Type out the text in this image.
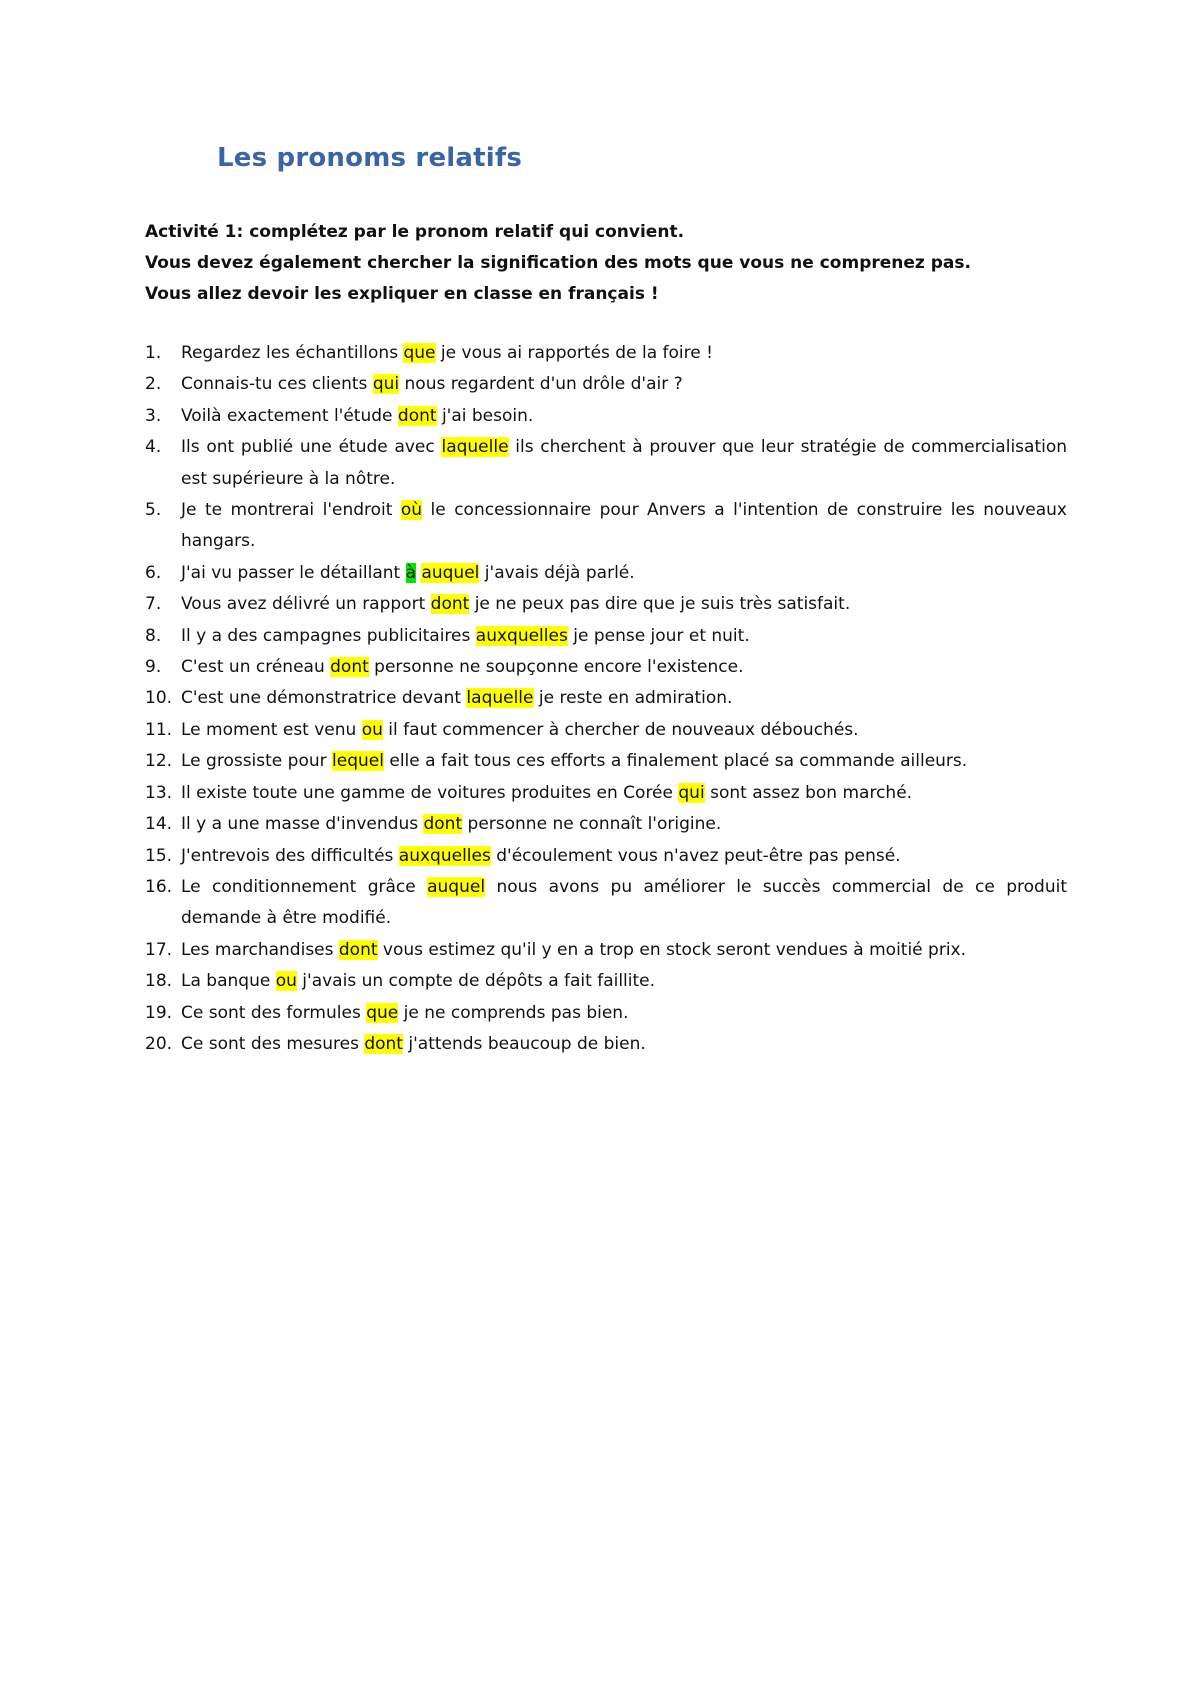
Les pronoms relatifs
Activité 1: complétez par le pronom relatif qui convient.
Vous devez également chercher la signification des mots que vous ne comprenez pas.
Vous allez devoir les expliquer en classe en français !
1.	Regardez les échantillons que je vous ai rapportés de la foire !
2.	Connais-tu ces clients qui nous regardent d'un drôle d'air ?
3.	Voilà exactement l'étude dont j'ai besoin.
4.	Ils ont publié une étude avec laquelle ils cherchent à prouver que leur stratégie de commercialisation est supérieure à la nôtre.
5.	Je te montrerai l'endroit où le concessionnaire pour Anvers a l'intention de construire les nouveaux hangars.
6.	J'ai vu passer le détaillant à auquel j'avais déjà parlé.
7.	Vous avez délivré un rapport dont je ne peux pas dire que je suis très satisfait.
8.	Il y a des campagnes publicitaires auxquelles je pense jour et nuit.
9.	C'est un créneau dont personne ne soupçonne encore l'existence.
10. C'est une démonstratrice devant laquelle je reste en admiration.
11. Le moment est venu ou il faut commencer à chercher de nouveaux débouchés.
12. Le grossiste pour lequel elle a fait tous ces efforts a finalement placé sa commande ailleurs.
13. Il existe toute une gamme de voitures produites en Corée qui sont assez bon marché.
14. Il y a une masse d'invendus dont personne ne connaît l'origine.
15. J'entrevois des difficultés auxquelles d'écoulement vous n'avez peut-être pas pensé.
16. Le conditionnement grâce auquel nous avons pu améliorer le succès commercial de ce produit demande à être modifié.
17. Les marchandises dont vous estimez qu'il y en a trop en stock seront vendues à moitié prix.
18. La banque ou j'avais un compte de dépôts a fait faillite.
19. Ce sont des formules que je ne comprends pas bien.
20. Ce sont des mesures dont j'attends beaucoup de bien.
